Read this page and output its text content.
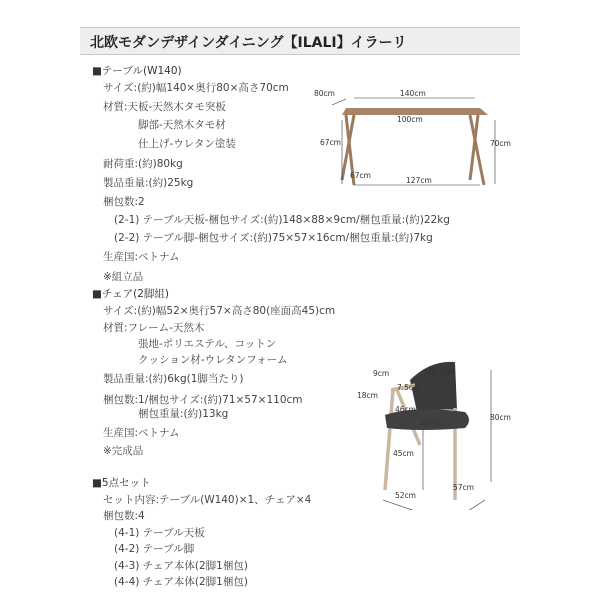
北欧モダンデザインダイニング【ILALI】イラーリ
■テーブル(W140)
サイズ:(約)幅140×奥行80×高さ70cm
材質:天板-天然木タモ突板
脚部-天然木タモ材
仕上げ-ウレタン塗装
耐荷重:(約)80kg
製品重量:(約)25kg
梱包数:2
(2-1) テーブル天板-梱包サイズ:(約)148×88×9cm/梱包重量:(約)22kg
(2-2) テーブル脚-梱包サイズ:(約)75×57×16cm/梱包重量:(約)7kg
生産国:ベトナム
※組立品
80cm	140cm
100cm
67cm	70cm
67cm
127cm
■チェア(2脚組)
サイズ:(約)幅52×奥行57×高さ80(座面高45)cm
材質:フレーム-天然木
張地-ポリエステル、コットン
クッション材-ウレタンフォーム
製品重量:(約)6kg(1脚当たり)
梱包数:1/梱包サイズ:(約)71×57×110cm
梱包重量:(約)13kg
生産国:ベトナム
※完成品
9cm	26.5cm
7.5cm
18cm
46cm
47cm
80cm
45cm
52cm
57cm
■5点セット
セット内容:テーブル(W140)×1、チェア×4
梱包数:4
(4-1) テーブル天板
(4-2) テーブル脚
(4-3) チェア本体(2脚1梱包)
(4-4) チェア本体(2脚1梱包)
